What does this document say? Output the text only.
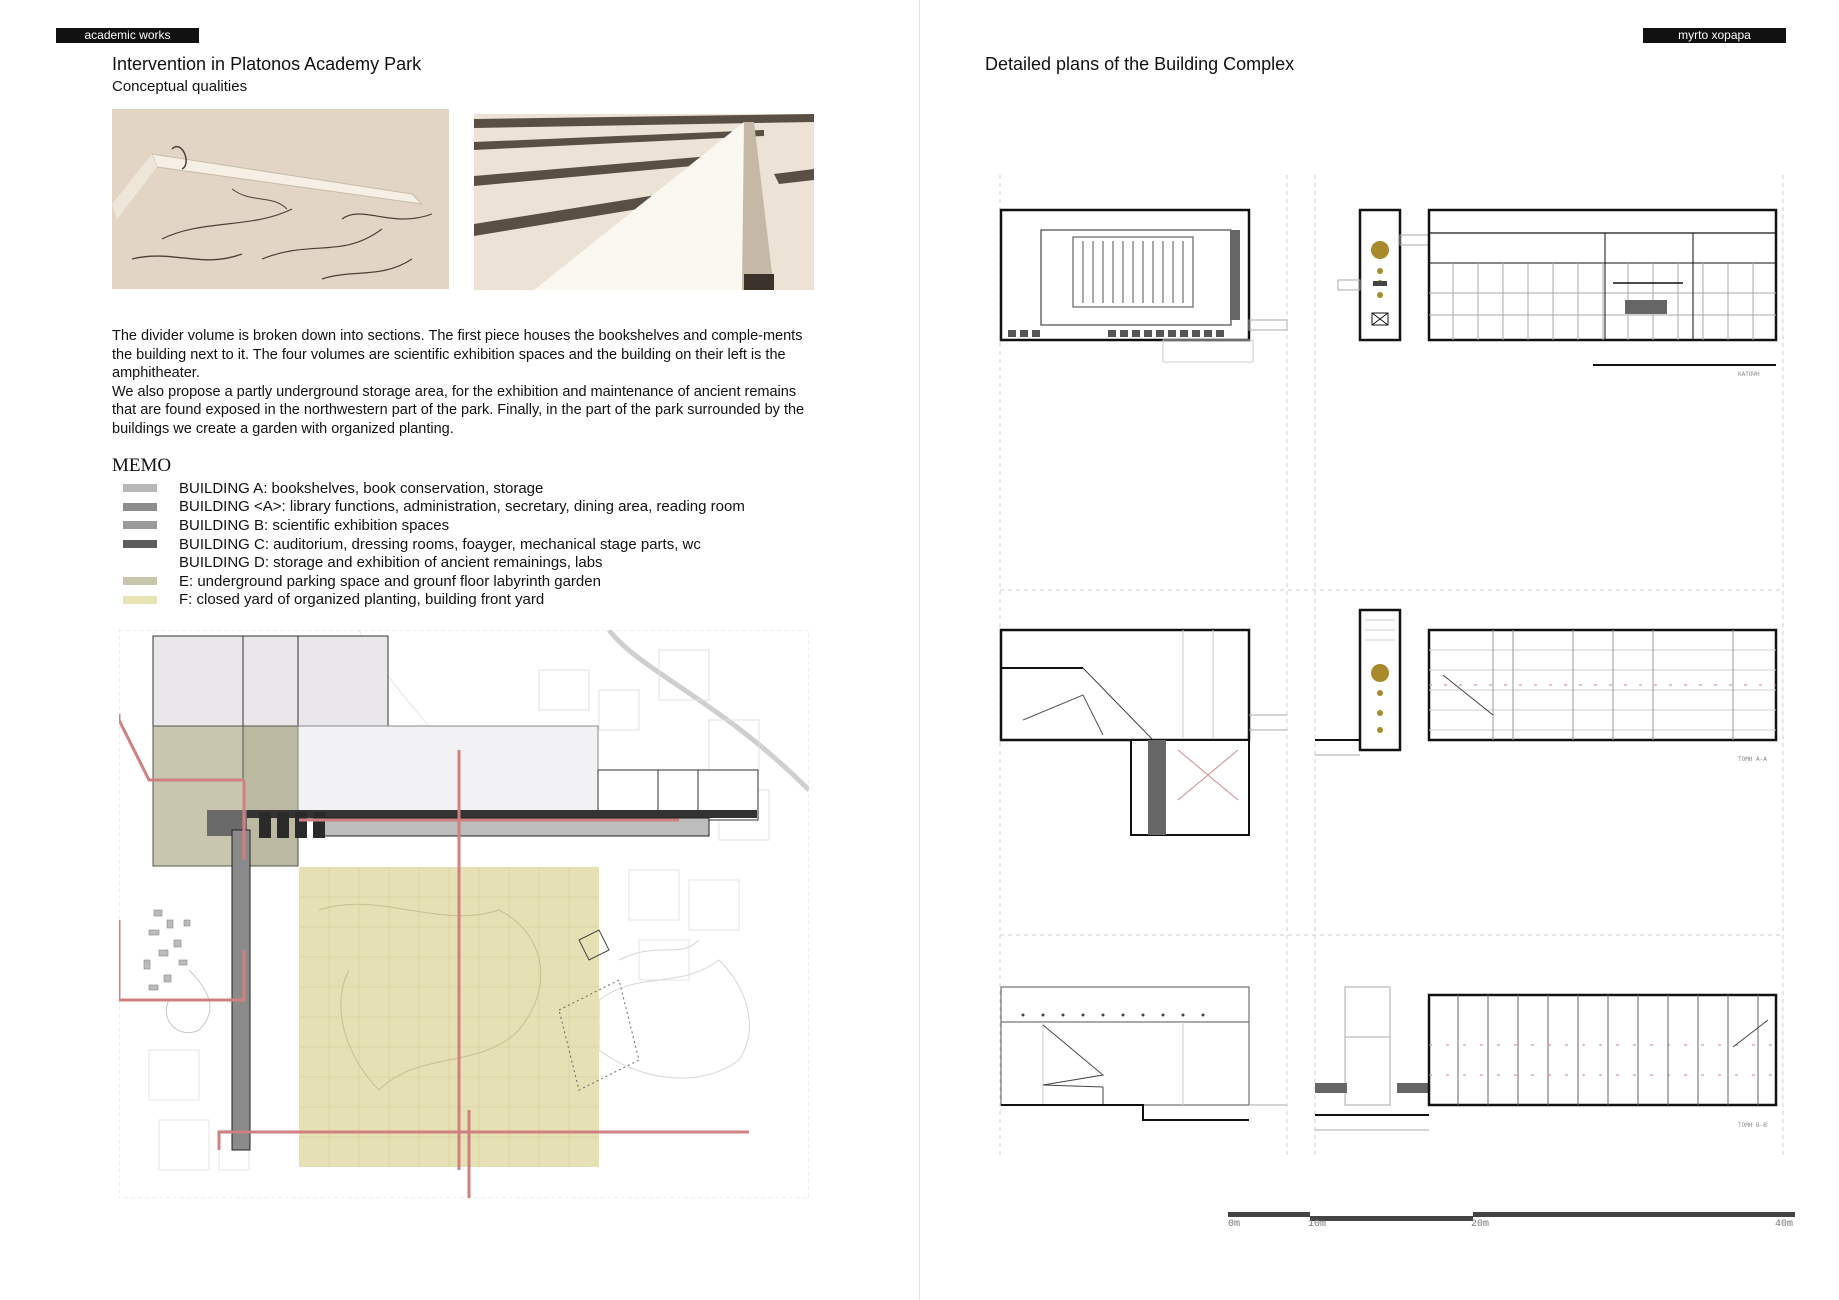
academic works
Intervention in Platonos Academy Park
Conceptual qualities

The divider volume is broken down into sections. The first piece houses the bookshelves and comple-ments the building next to it. The four volumes are scientific exhibition spaces and the building on their left is the amphitheater.

We also propose a partly underground storage area, for the exhibition and maintenance of ancient remains that are found exposed in the northwestern part of the park. Finally, in the part of the park surrounded by the buildings we create a garden with organized planting.

MEMO
BUILDING A: bookshelves, book conservation, storage
BUILDING <A>: library functions, administration, secretary, dining area, reading room
BUILDING B: scientific exhibition spaces
BUILDING C: auditorium, dressing rooms, foayger, mechanical stage parts, wc
BUILDING D: storage and exhibition of ancient remainings, labs
E: underground parking space and grounf floor labyrinth garden
F: closed yard of organized planting, building front yard
Detailed plans of the Building Complex
myrto xopapa
ΚΑΤΟΨΗ
ΤΟΜΗ Α-Α
ΤΟΜΗ Β-Β
0m	10m	20m	40m
